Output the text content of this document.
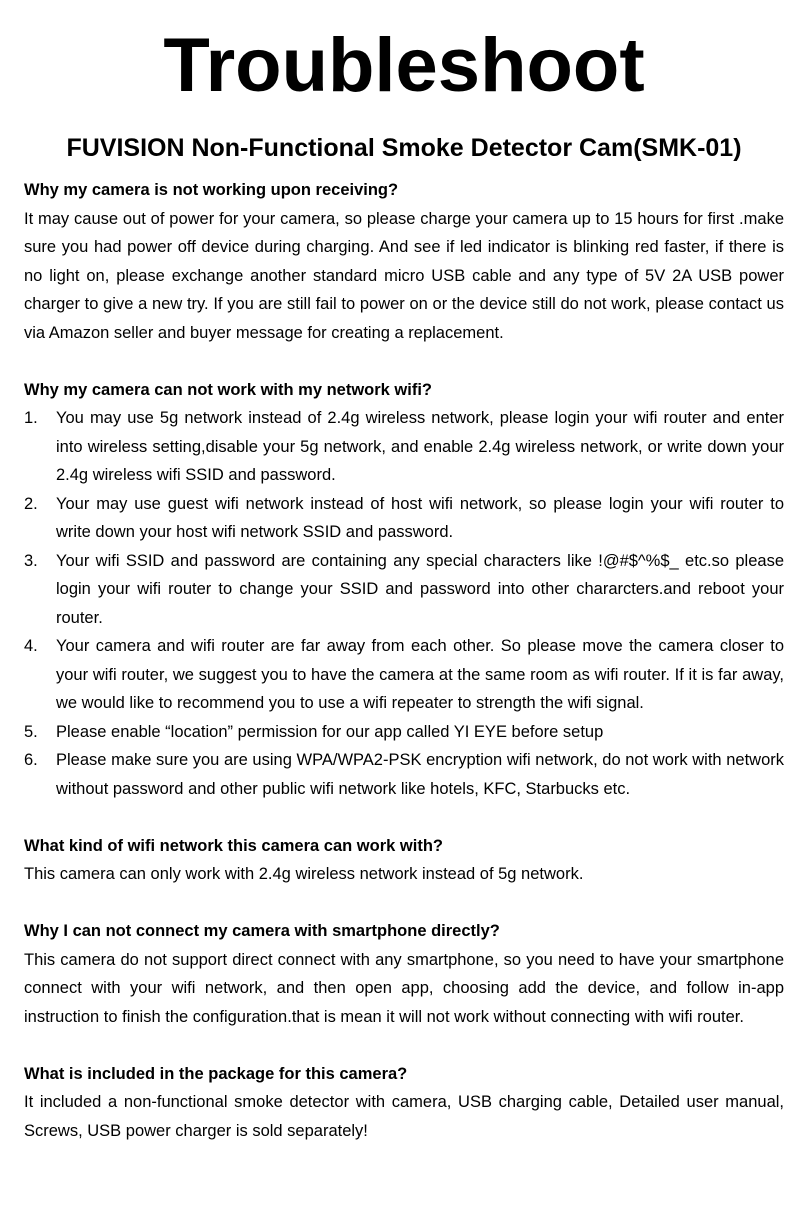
Troubleshoot
FUVISION Non-Functional Smoke Detector Cam(SMK-01)

Why my camera is not working upon receiving?

It may cause out of power for your camera, so please charge your camera up to 15 hours for first .make sure you had power off device during charging. And see if led indicator is blinking red faster, if there is no light on, please exchange another standard micro USB cable and any type of 5V 2A USB power charger to give a new try. If you are still fail to power on or the device still do not work, please contact us via Amazon seller and buyer message for creating a replacement.

Why my camera can not work with my network wifi?

1.	You may use 5g network instead of 2.4g wireless network, please login your wifi router and enter into wireless setting,disable your 5g network, and enable 2.4g wireless network, or write down your 2.4g wireless wifi SSID and password.
2.	Your may use guest wifi network instead of host wifi network, so please login your wifi router to write down your host wifi network SSID and password.
3.	Your wifi SSID and password are containing any special characters like !@#$^%$_ etc.so please login your wifi router to change your SSID and password into other chararcters.and reboot your router.
4.	Your camera and wifi router are far away from each other. So please move the camera closer to your wifi router, we suggest you to have the camera at the same room as wifi router. If it is far away, we would like to recommend you to use a wifi repeater to strength the wifi signal.
5.	Please enable “location” permission for our app called YI EYE before setup
6.	Please make sure you are using WPA/WPA2-PSK encryption wifi network, do not work with network without password and other public wifi network like hotels, KFC, Starbucks etc.

What kind of wifi network this camera can work with?

This camera can only work with 2.4g wireless network instead of 5g network.

Why I can not connect my camera with smartphone directly?

This camera do not support direct connect with any smartphone, so you need to have your smartphone connect with your wifi network, and then open app, choosing add the device, and follow in-app instruction to finish the configuration.that is mean it will not work without connecting with wifi router.

What is included in the package for this camera?

It included a non-functional smoke detector with camera, USB charging cable, Detailed user manual, Screws, USB power charger is sold separately!
